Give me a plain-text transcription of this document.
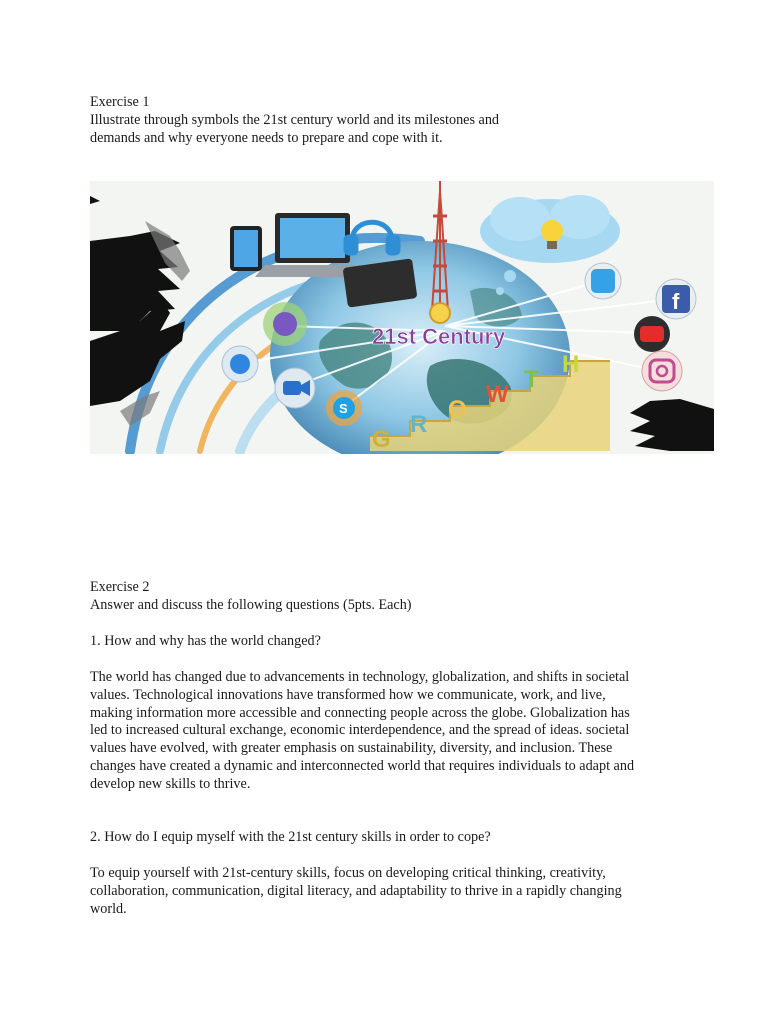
Exercise 1
Illustrate through symbols the 21st century world and its milestones and
demands and why everyone needs to prepare and cope with it.
f
S
21st Century
G
R
O
W
T
H
Exercise 2
Answer and discuss the following questions (5pts. Each)
1. How and why has the world changed?
The world has changed due to advancements in technology, globalization, and shifts in societal
values. Technological innovations have transformed how we communicate, work, and live,
making information more accessible and connecting people across the globe. Globalization has
led to increased cultural exchange, economic interdependence, and the spread of ideas. societal
values have evolved, with greater emphasis on sustainability, diversity, and inclusion. These
changes have created a dynamic and interconnected world that requires individuals to adapt and
develop new skills to thrive.
2. How do I equip myself with the 21st century skills in order to cope?
To equip yourself with 21st-century skills, focus on developing critical thinking, creativity,
collaboration, communication, digital literacy, and adaptability to thrive in a rapidly changing
world.
